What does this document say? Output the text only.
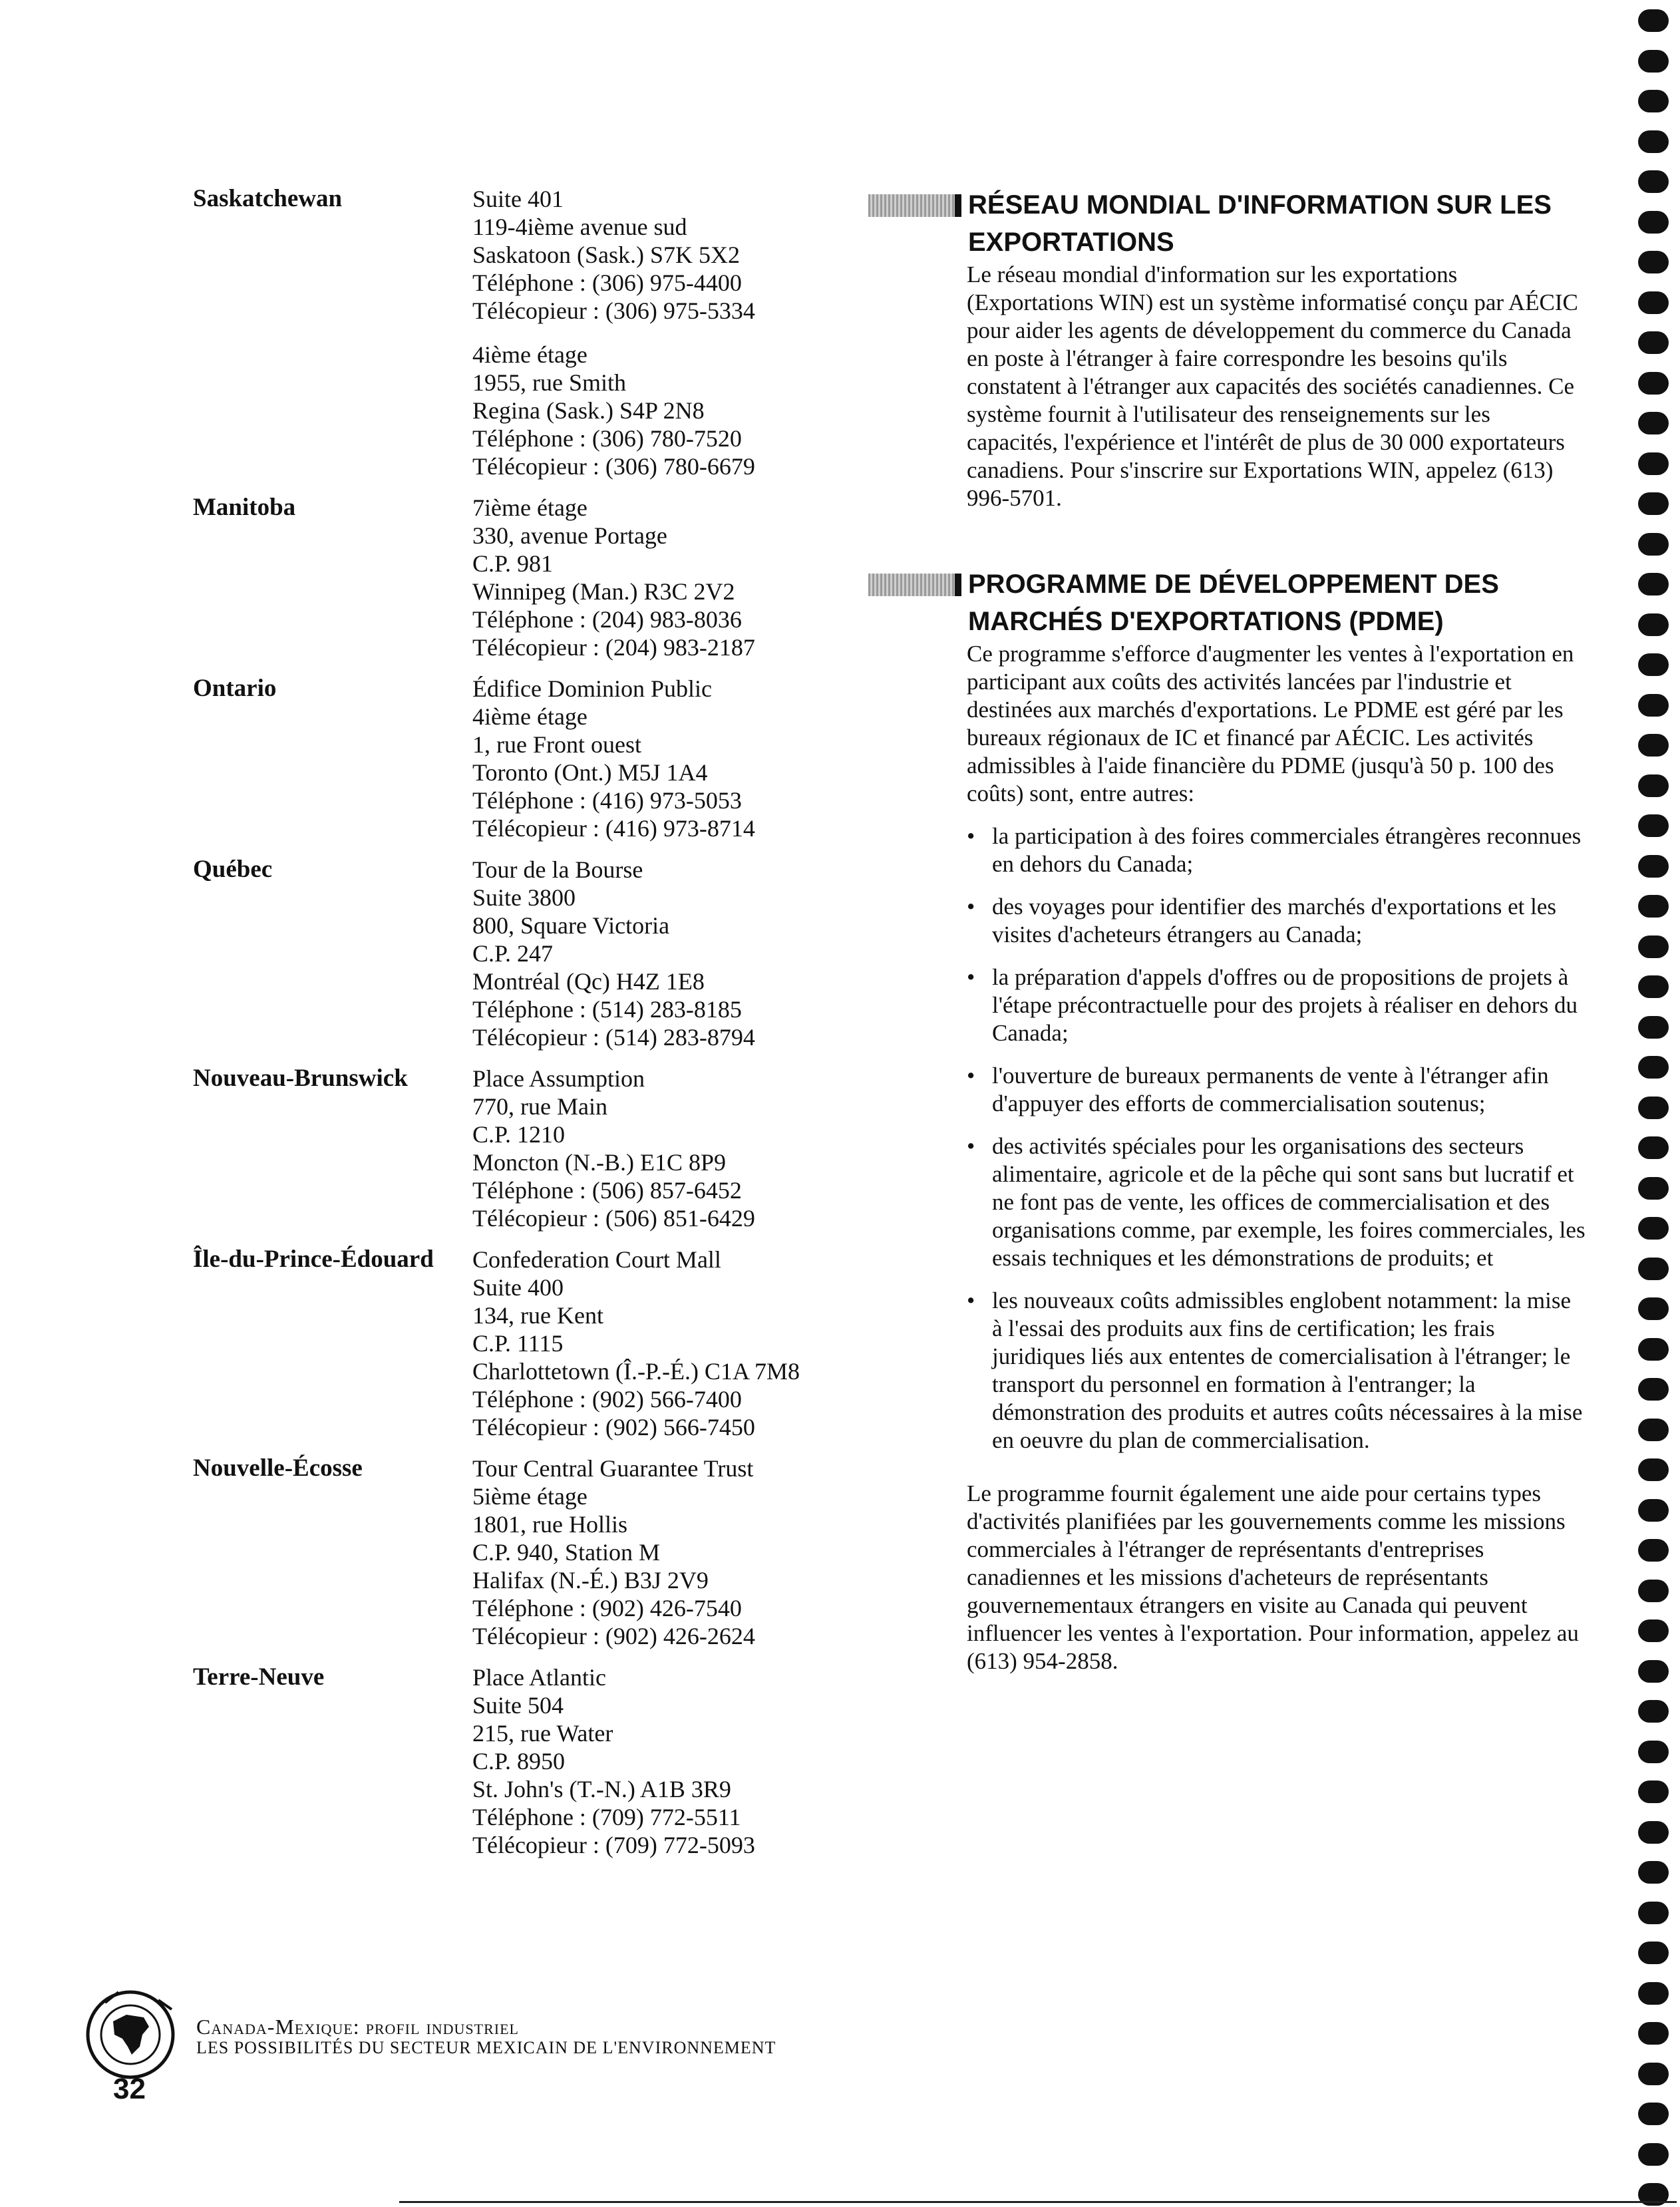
Saskatchewan	Suite 401
119-4ième avenue sud
Saskatoon (Sask.) S7K 5X2
Téléphone : (306) 975-4400
Télécopieur : (306) 975-5334
4ième étage
1955, rue Smith
Regina (Sask.) S4P 2N8
Téléphone : (306) 780-7520
Télécopieur : (306) 780-6679
Manitoba	7ième étage
330, avenue Portage
C.P. 981
Winnipeg (Man.) R3C 2V2
Téléphone : (204) 983-8036
Télécopieur : (204) 983-2187
Ontario	Édifice Dominion Public
4ième étage
1, rue Front ouest
Toronto (Ont.) M5J 1A4
Téléphone : (416) 973-5053
Télécopieur : (416) 973-8714
Québec	Tour de la Bourse
Suite 3800
800, Square Victoria
C.P. 247
Montréal (Qc) H4Z 1E8
Téléphone : (514) 283-8185
Télécopieur : (514) 283-8794
Nouveau-Brunswick	Place Assumption
770, rue Main
C.P. 1210
Moncton (N.-B.) E1C 8P9
Téléphone : (506) 857-6452
Télécopieur : (506) 851-6429
Île-du-Prince-Édouard	Confederation Court Mall
Suite 400
134, rue Kent
C.P. 1115
Charlottetown (Î.-P.-É.) C1A 7M8
Téléphone : (902) 566-7400
Télécopieur : (902) 566-7450
Nouvelle-Écosse	Tour Central Guarantee Trust
5ième étage
1801, rue Hollis
C.P. 940, Station M
Halifax (N.-É.) B3J 2V9
Téléphone : (902) 426-7540
Télécopieur : (902) 426-2624
Terre-Neuve	Place Atlantic
Suite 504
215, rue Water
C.P. 8950
St. John's (T.-N.) A1B 3R9
Téléphone : (709) 772-5511
Télécopieur : (709) 772-5093
RÉSEAU MONDIAL D'INFORMATION SUR LES EXPORTATIONS

Le réseau mondial d'information sur les exportations (Exportations WIN) est un système informatisé conçu par AÉCIC pour aider les agents de développement du commerce du Canada en poste à l'étranger à faire correspondre les besoins qu'ils constatent à l'étranger aux capacités des sociétés canadiennes. Ce système fournit à l'utilisateur des renseignements sur les capacités, l'expérience et l'intérêt de plus de 30 000 exportateurs canadiens. Pour s'inscrire sur Exportations WIN, appelez (613) 996-5701.

PROGRAMME DE DÉVELOPPEMENT DES MARCHÉS D'EXPORTATIONS (PDME)

Ce programme s'efforce d'augmenter les ventes à l'exportation en participant aux coûts des activités lancées par l'industrie et destinées aux marchés d'exportations. Le PDME est géré par les bureaux régionaux de IC et financé par AÉCIC. Les activités admissibles à l'aide financière du PDME (jusqu'à 50 p. 100 des coûts) sont, entre autres:

• la participation à des foires commerciales étrangères reconnues en dehors du Canada;
• des voyages pour identifier des marchés d'exportations et les visites d'acheteurs étrangers au Canada;
• la préparation d'appels d'offres ou de propositions de projets à l'étape précontractuelle pour des projets à réaliser en dehors du Canada;
• l'ouverture de bureaux permanents de vente à l'étranger afin d'appuyer des efforts de commercialisation soutenus;
• des activités spéciales pour les organisations des secteurs alimentaire, agricole et de la pêche qui sont sans but lucratif et ne font pas de vente, les offices de commercialisation et des organisations comme, par exemple, les foires commerciales, les essais techniques et les démonstrations de produits; et
• les nouveaux coûts admissibles englobent notamment: la mise à l'essai des produits aux fins de certification; les frais juridiques liés aux ententes de comercialisation à l'étranger; le transport du personnel en formation à l'entranger; la démonstration des produits et autres coûts nécessaires à la mise en oeuvre du plan de commercialisation.

Le programme fournit également une aide pour certains types d'activités planifiées par les gouvernements comme les missions commerciales à l'étranger de représentants d'entreprises canadiennes et les missions d'acheteurs de représentants gouvernementaux étrangers en visite au Canada qui peuvent influencer les ventes à l'exportation. Pour information, appelez au (613) 954-2858.

Canada-Mexique: profil industriel
LES POSSIBILITÉS DU SECTEUR MEXICAIN DE L'ENVIRONNEMENT
32
